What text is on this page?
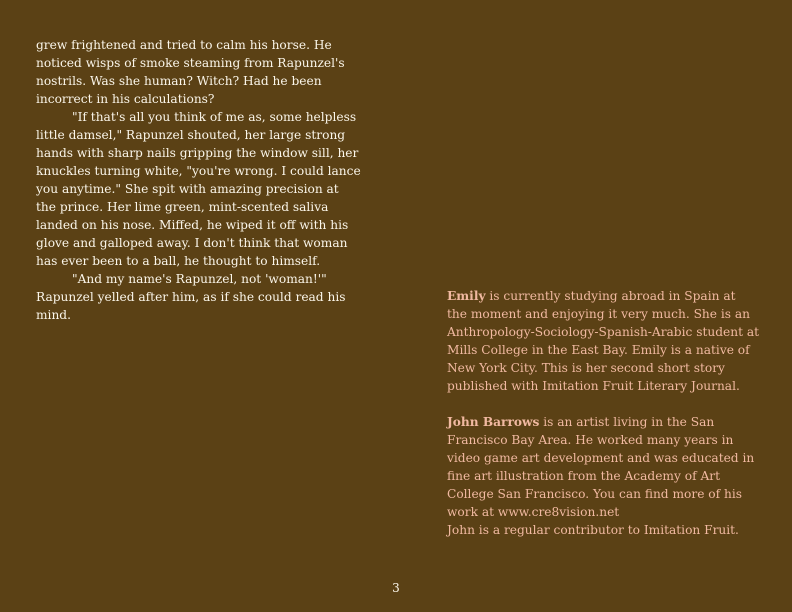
grew frightened and tried to calm his horse. He noticed wisps of smoke steaming from Rapunzel's nostrils. Was she human? Witch? Had he been incorrect in his calculations?

"If that's all you think of me as, some helpless little damsel," Rapunzel shouted, her large strong hands with sharp nails gripping the window sill, her knuckles turning white, "you're wrong. I could lance you anytime." She spit with amazing precision at the prince. Her lime green, mint-scented saliva landed on his nose. Miffed, he wiped it off with his glove and galloped away. I don't think that woman has ever been to a ball, he thought to himself.

"And my name's Rapunzel, not 'woman!'" Rapunzel yelled after him, as if she could read his mind.

Emily is currently studying abroad in Spain at the moment and enjoying it very much. She is an Anthropology-Sociology-Spanish-Arabic student at Mills College in the East Bay. Emily is a native of New York City. This is her second short story published with Imitation Fruit Literary Journal.

John Barrows is an artist living in the San Francisco Bay Area. He worked many years in video game art development and was educated in fine art illustration from the Academy of Art College San Francisco. You can find more of his work at www.cre8vision.net
John is a regular contributor to Imitation Fruit.

3
